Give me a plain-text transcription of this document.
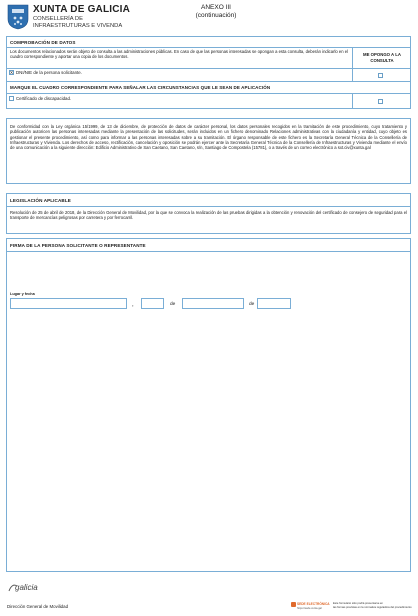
XUNTA DE GALICIA
CONSELLERÍA DE
INFRAESTRUTURAS E VIVENDA
ANEXO III
(continuación)
COMPROBACIÓN DE DATOS
Los documentos relacionados serán objeto de consulta a las administraciones públicas. En caso de que las personas interesadas se opongan a esta consulta, deberán indicarlo en el cuadro correspondiente y aportar una copia de los documentos.	ME OPONGO A LA CONSULTA
X DNI/NIE de la persona solicitante.
MARQUE EL CUADRO CORRESPONDIENTE PARA SEÑALAR LAS CIRCUNSTANCIAS QUE LE SEAN DE APLICACIÓN
Certificado de discapacidad.
De conformidad con la Ley orgánica 15/1999, de 13 de diciembre, de protección de datos de carácter personal, los datos personales recogidos en la tramitación de este procedimiento, cuyo tratamiento y publicación autoricen las personas interesadas mediante la presentación de las solicitudes, serán incluidos en un fichero denominado Relaciones administrativas con la ciudadanía y entidad, cuyo objeto es gestionar el presente procedimiento, así como para informar a las personas interesadas sobre a su tramitación. El órgano responsable de este fichero es la Secretaría General Técnica de la Consellería de Infraestructuras y Vivienda. Los derechos de acceso, rectificación, cancelación y oposición se podrán ejercer ante la Secretaría General Técnica de la Consellería de Infraestructuras y Vivienda mediante el envío de una comunicación a la siguiente dirección: Edificio Administrativo de San Caetano, San Caetano, s/n, Santiago de Compostela (15781), o a través de un correo electrónico a sxt.civ@xunta.gal
LEGISLACIÓN APLICABLE
Resolución de 25 de abril de 2018, de la Dirección General de Movilidad, por la que se convoca la realización de las pruebas dirigidas a la obtención y renovación del certificado de consejero de seguridad para el transporte de mercancías peligrosas por carretera y por ferrocarril.
FIRMA DE LA PERSONA SOLICITANTE O REPRESENTANTE
Lugar y fecha
,	de	de
galicia
Dirección General de Movilidad	SEDE ELECTRÓNICA
https://sede.xunta.gal
Este formulario sólo podrá presentarse en
las formas previstas en la normativa reguladora del procedimiento
